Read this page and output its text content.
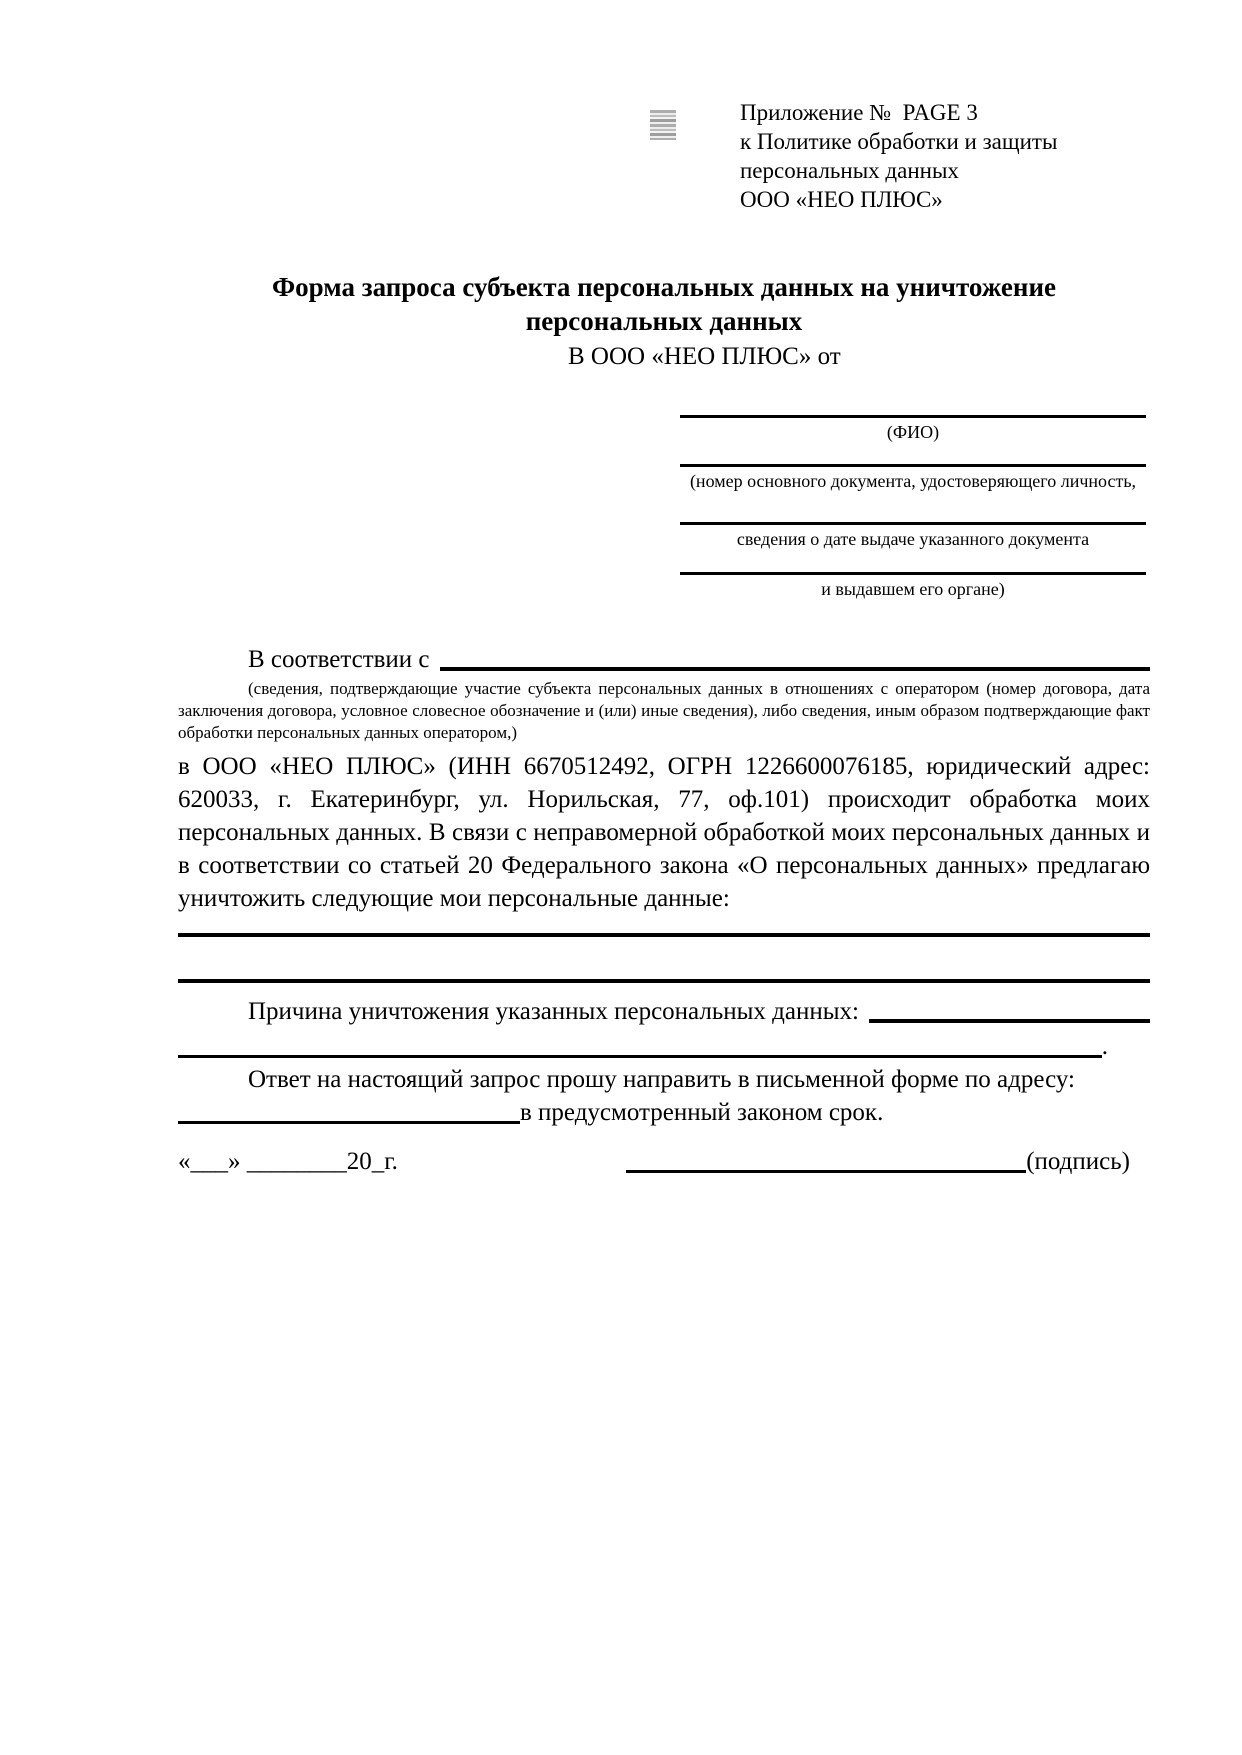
Приложение №  PAGE 3
к Политике обработки и защиты
персональных данных
ООО «НЕО ПЛЮС»
Форма запроса субъекта персональных данных на уничтожение
персональных данных
В ООО «НЕО ПЛЮС» от
(ФИО)
(номер основного документа, удостоверяющего личность,
сведения о дате выдаче указанного документа
и выдавшем его органе)
В соответствии с

(сведения, подтверждающие участие субъекта персональных данных в отношениях с оператором (номер договора, дата заключения договора, условное словесное обозначение и (или) иные сведения), либо сведения, иным образом подтверждающие факт обработки персональных данных оператором,)

в ООО «НЕО ПЛЮС» (ИНН 6670512492, ОГРН 1226600076185, юридический адрес: 620033, г. Екатеринбург, ул. Норильская, 77, оф.101) происходит обработка моих персональных данных. В связи с неправомерной обработкой моих персональных данных и в соответствии со статьей 20 Федерального закона «О персональных данных» предлагаю уничтожить следующие мои персональные данные:

Причина уничтожения указанных персональных данных:
.

Ответ на настоящий запрос прошу направить в письменной форме по адресу:

в предусмотренный законом срок.
«___» ________20_г.	(подпись)
